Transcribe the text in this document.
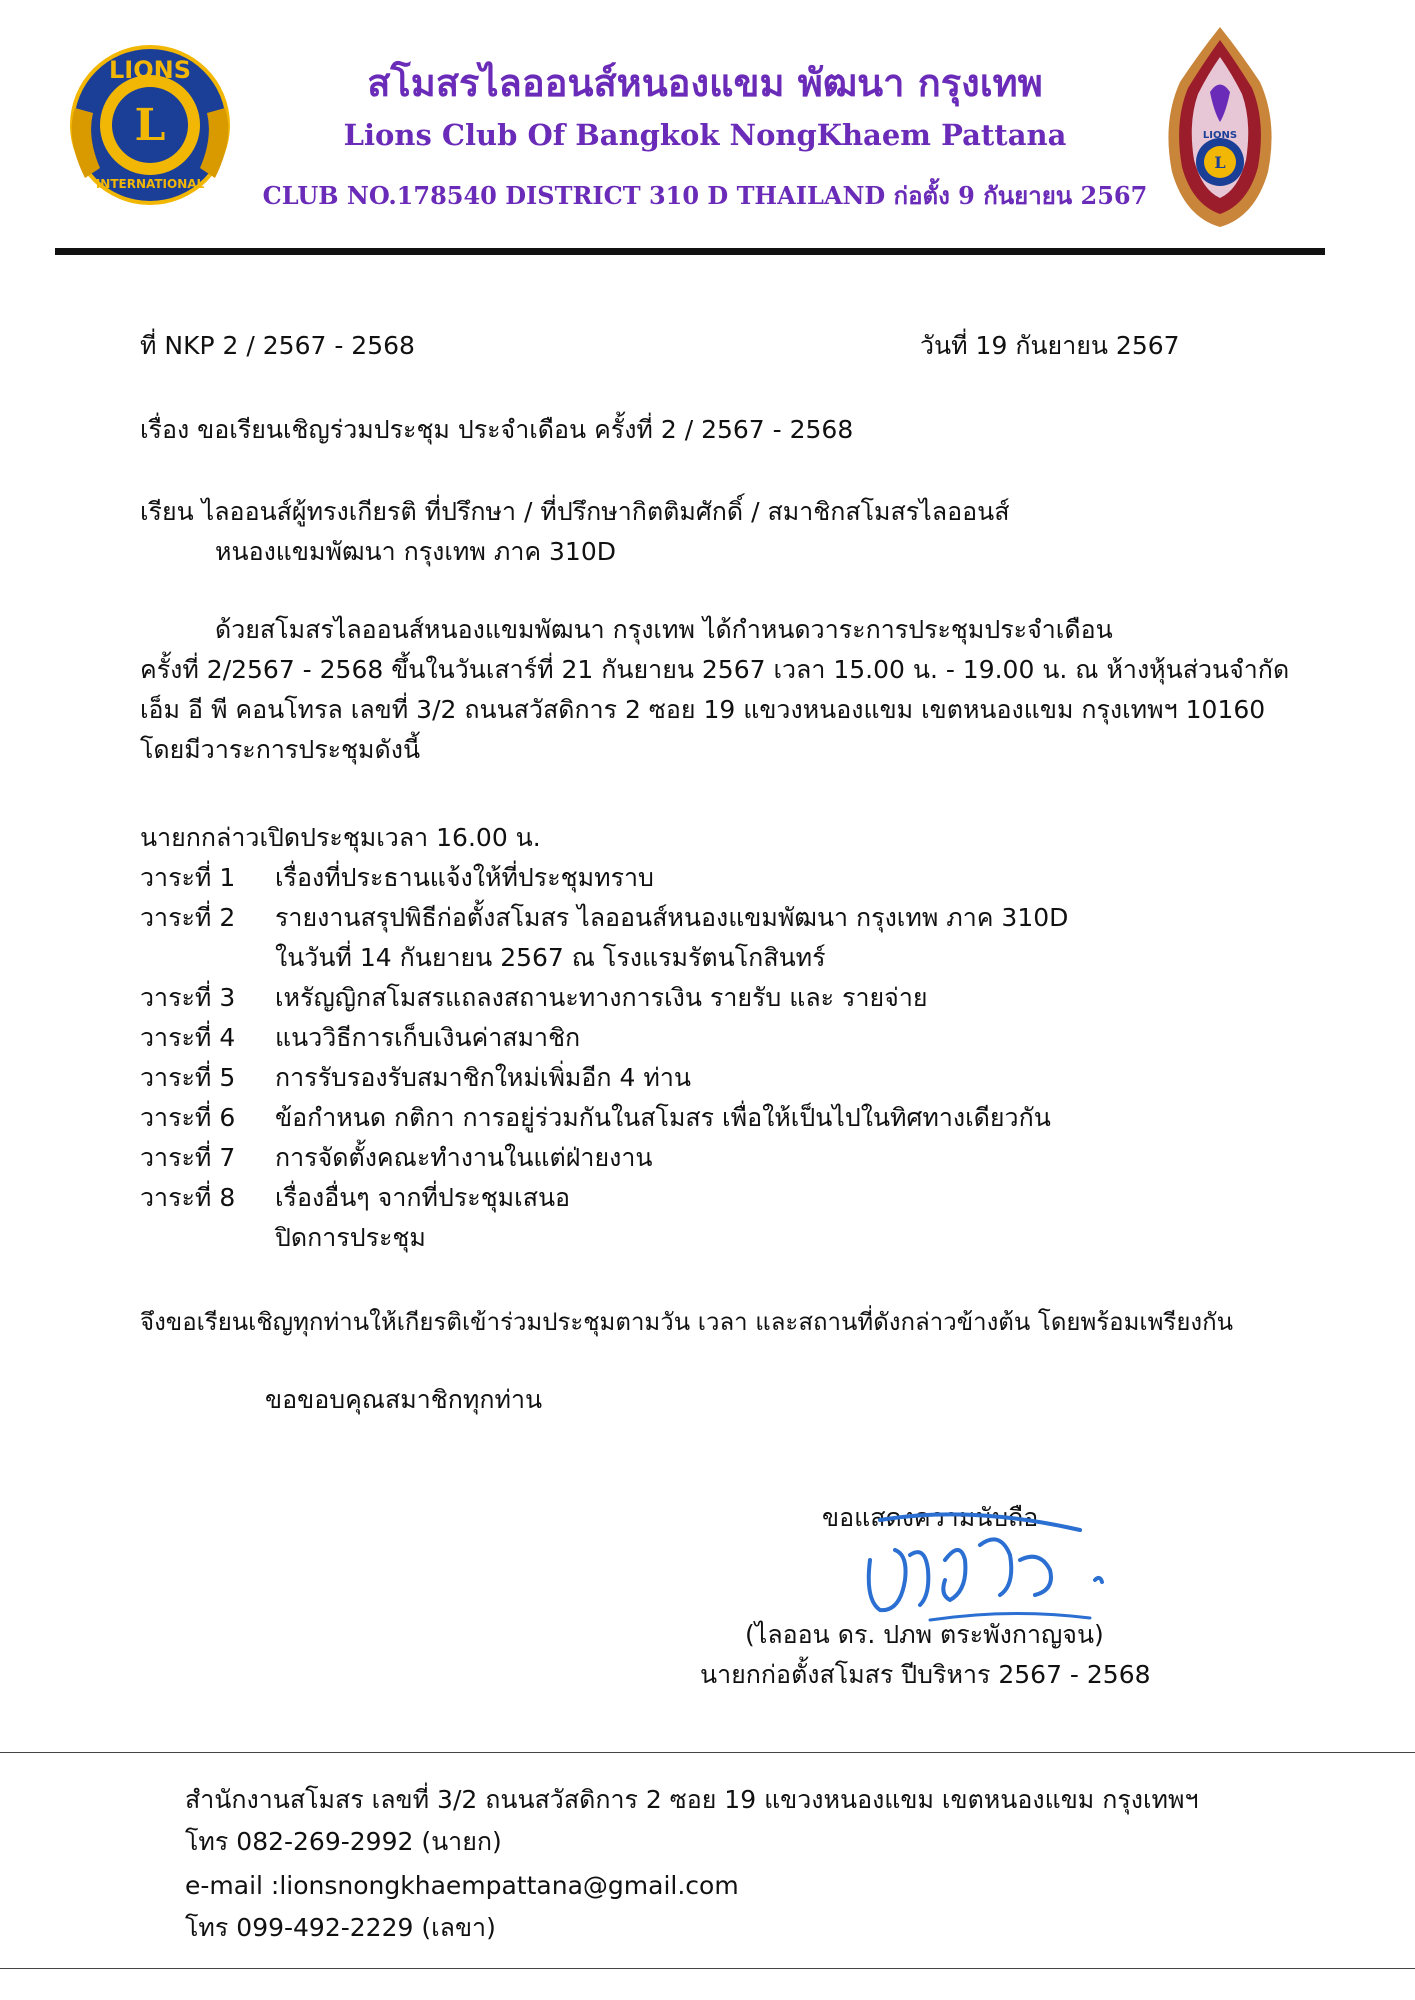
LIONS
L
INTERNATIONAL
สโมสรไลออนส์หนองแขม พัฒนา กรุงเทพ
Lions Club Of Bangkok NongKhaem Pattana
CLUB NO.178540 DISTRICT 310 D THAILAND ก่อตั้ง 9 กันยายน 2567
L
LIONS
ที่ NKP 2 / 2567 - 2568	วันที่ 19 กันยายน 2567
เรื่อง ขอเรียนเชิญร่วมประชุม ประจำเดือน ครั้งที่ 2 / 2567 - 2568
เรียน ไลออนส์ผู้ทรงเกียรติ ที่ปรึกษา / ที่ปรึกษากิตติมศักดิ์ / สมาชิกสโมสรไลออนส์
หนองแขมพัฒนา กรุงเทพ ภาค 310D
ด้วยสโมสรไลออนส์หนองแขมพัฒนา กรุงเทพ ได้กำหนดวาระการประชุมประจำเดือน
ครั้งที่ 2/2567 - 2568 ขึ้นในวันเสาร์ที่ 21 กันยายน 2567 เวลา 15.00 น. - 19.00 น. ณ ห้างหุ้นส่วนจำกัด
เอ็ม อี พี คอนโทรล เลขที่ 3/2 ถนนสวัสดิการ 2 ซอย 19 แขวงหนองแขม เขตหนองแขม กรุงเทพฯ 10160
โดยมีวาระการประชุมดังนี้
นายกกล่าวเปิดประชุมเวลา 16.00 น.
วาระที่ 1 เรื่องที่ประธานแจ้งให้ที่ประชุมทราบ
วาระที่ 2 รายงานสรุปพิธีก่อตั้งสโมสร ไลออนส์หนองแขมพัฒนา กรุงเทพ ภาค 310D
ในวันที่ 14 กันยายน 2567 ณ โรงแรมรัตนโกสินทร์
วาระที่ 3 เหรัญญิกสโมสรแถลงสถานะทางการเงิน รายรับ และ รายจ่าย
วาระที่ 4 แนววิธีการเก็บเงินค่าสมาชิก
วาระที่ 5 การรับรองรับสมาชิกใหม่เพิ่มอีก 4 ท่าน
วาระที่ 6 ข้อกำหนด กติกา การอยู่ร่วมกันในสโมสร เพื่อให้เป็นไปในทิศทางเดียวกัน
วาระที่ 7 การจัดตั้งคณะทำงานในแต่ฝ่ายงาน
วาระที่ 8 เรื่องอื่นๆ จากที่ประชุมเสนอ
ปิดการประชุม
จึงขอเรียนเชิญทุกท่านให้เกียรติเข้าร่วมประชุมตามวัน เวลา และสถานที่ดังกล่าวข้างต้น โดยพร้อมเพรียงกัน
ขอขอบคุณสมาชิกทุกท่าน
ขอแสดงความนับถือ
(ไลออน ดร. ปภพ ตระพังกาญจน)
นายกก่อตั้งสโมสร ปีบริหาร 2567 - 2568
สำนักงานสโมสร เลขที่ 3/2 ถนนสวัสดิการ 2 ซอย 19 แขวงหนองแขม เขตหนองแขม กรุงเทพฯ
โทร 082-269-2992 (นายก)
e-mail :lionsnongkhaempattana@gmail.com
โทร 099-492-2229 (เลขา)
